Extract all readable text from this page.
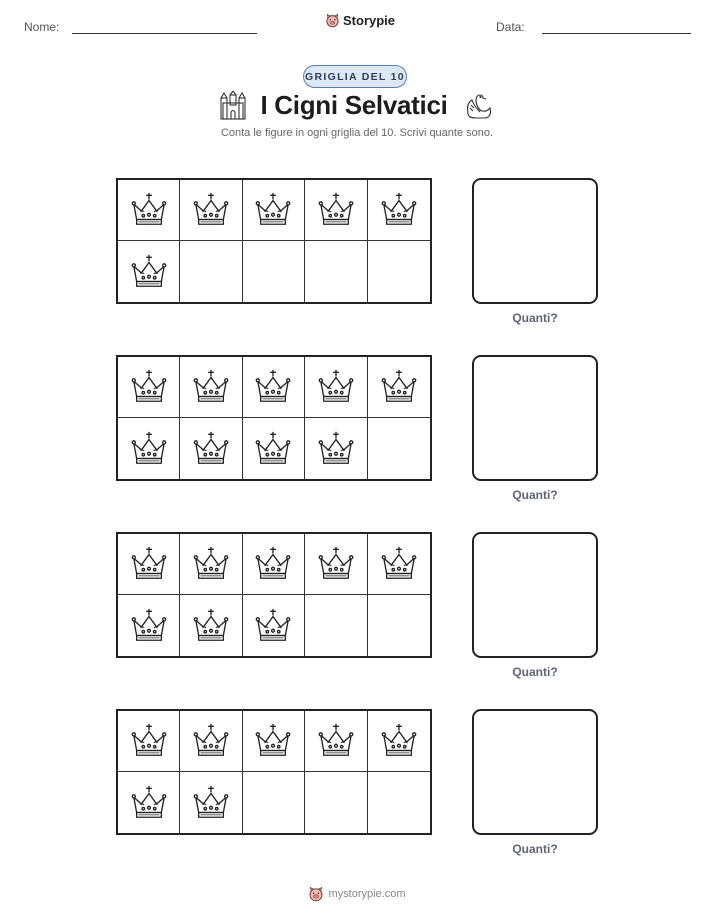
Nome:	Storypie	Data:
GRIGLIA DEL 10
I Cigni Selvatici
Conta le figure in ogni griglia del 10. Scrivi quante sono.
Quanti?
Quanti?
Quanti?
Quanti?
mystorypie.com
